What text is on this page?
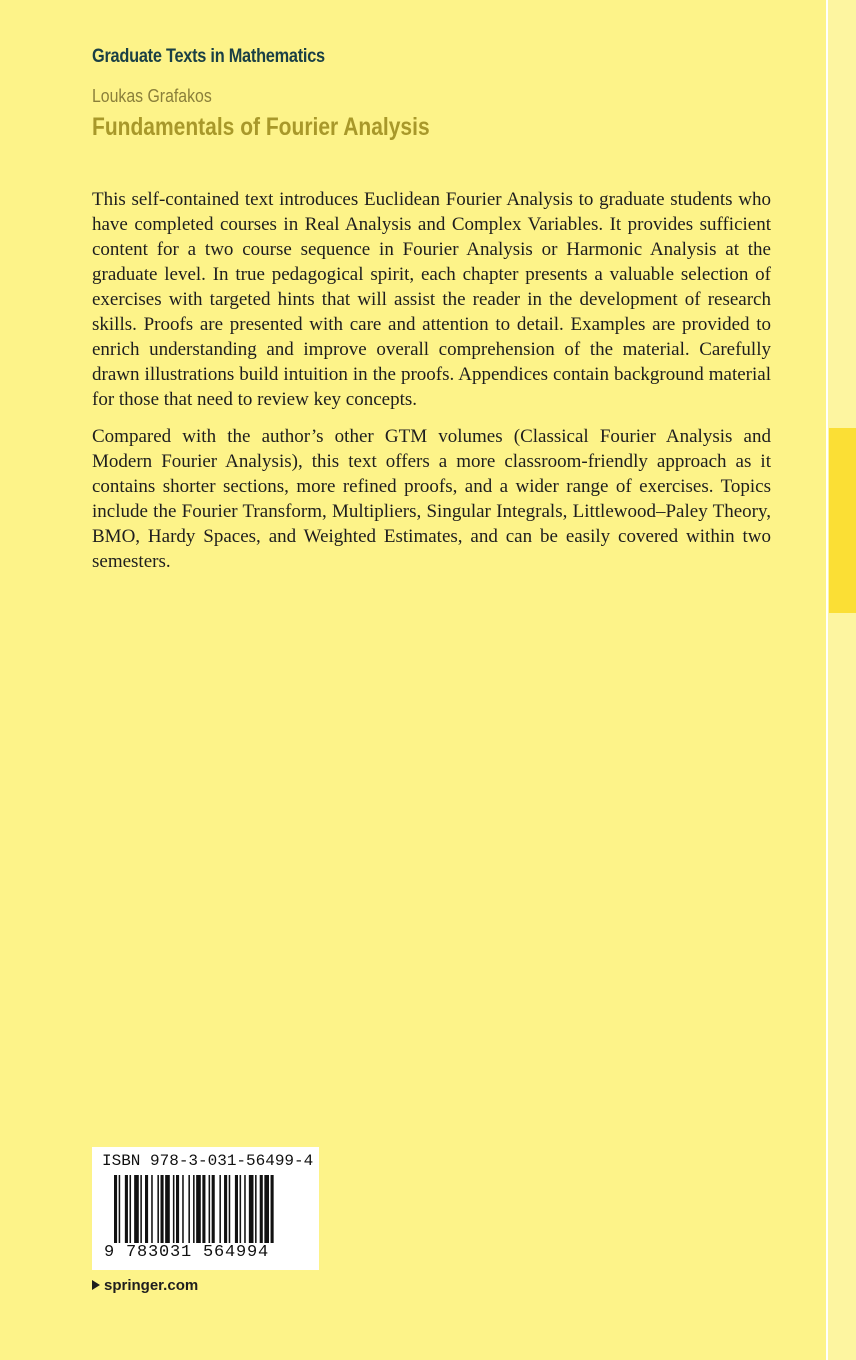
Graduate Texts in Mathematics
Loukas Grafakos
Fundamentals of Fourier Analysis

This self-contained text introduces Euclidean Fourier Analysis to graduate students who have completed courses in Real Analysis and Complex Variables. It provides sufficient content for a two course sequence in Fourier Analysis or Harmonic Analysis at the graduate level. In true pedagogical spirit, each chapter presents a valuable selection of exercises with targeted hints that will assist the reader in the development of research skills. Proofs are presented with care and attention to detail. Examples are provided to enrich understanding and improve overall comprehension of the material. Carefully drawn illustrations build intuition in the proofs. Appendices contain background material for those that need to review key concepts.

Compared with the author’s other GTM volumes (Classical Fourier Analysis and Modern Fourier Analysis), this text offers a more classroom-friendly approach as it contains shorter sections, more refined proofs, and a wider range of exercises. Topics include the Fourier Transform, Multipliers, Singular Integrals, Littlewood–Paley Theory, BMO, Hardy Spaces, and Weighted Estimates, and can be easily covered within two semesters.

ISBN 978-3-031-56499-4
9 783031 564994
springer.com
